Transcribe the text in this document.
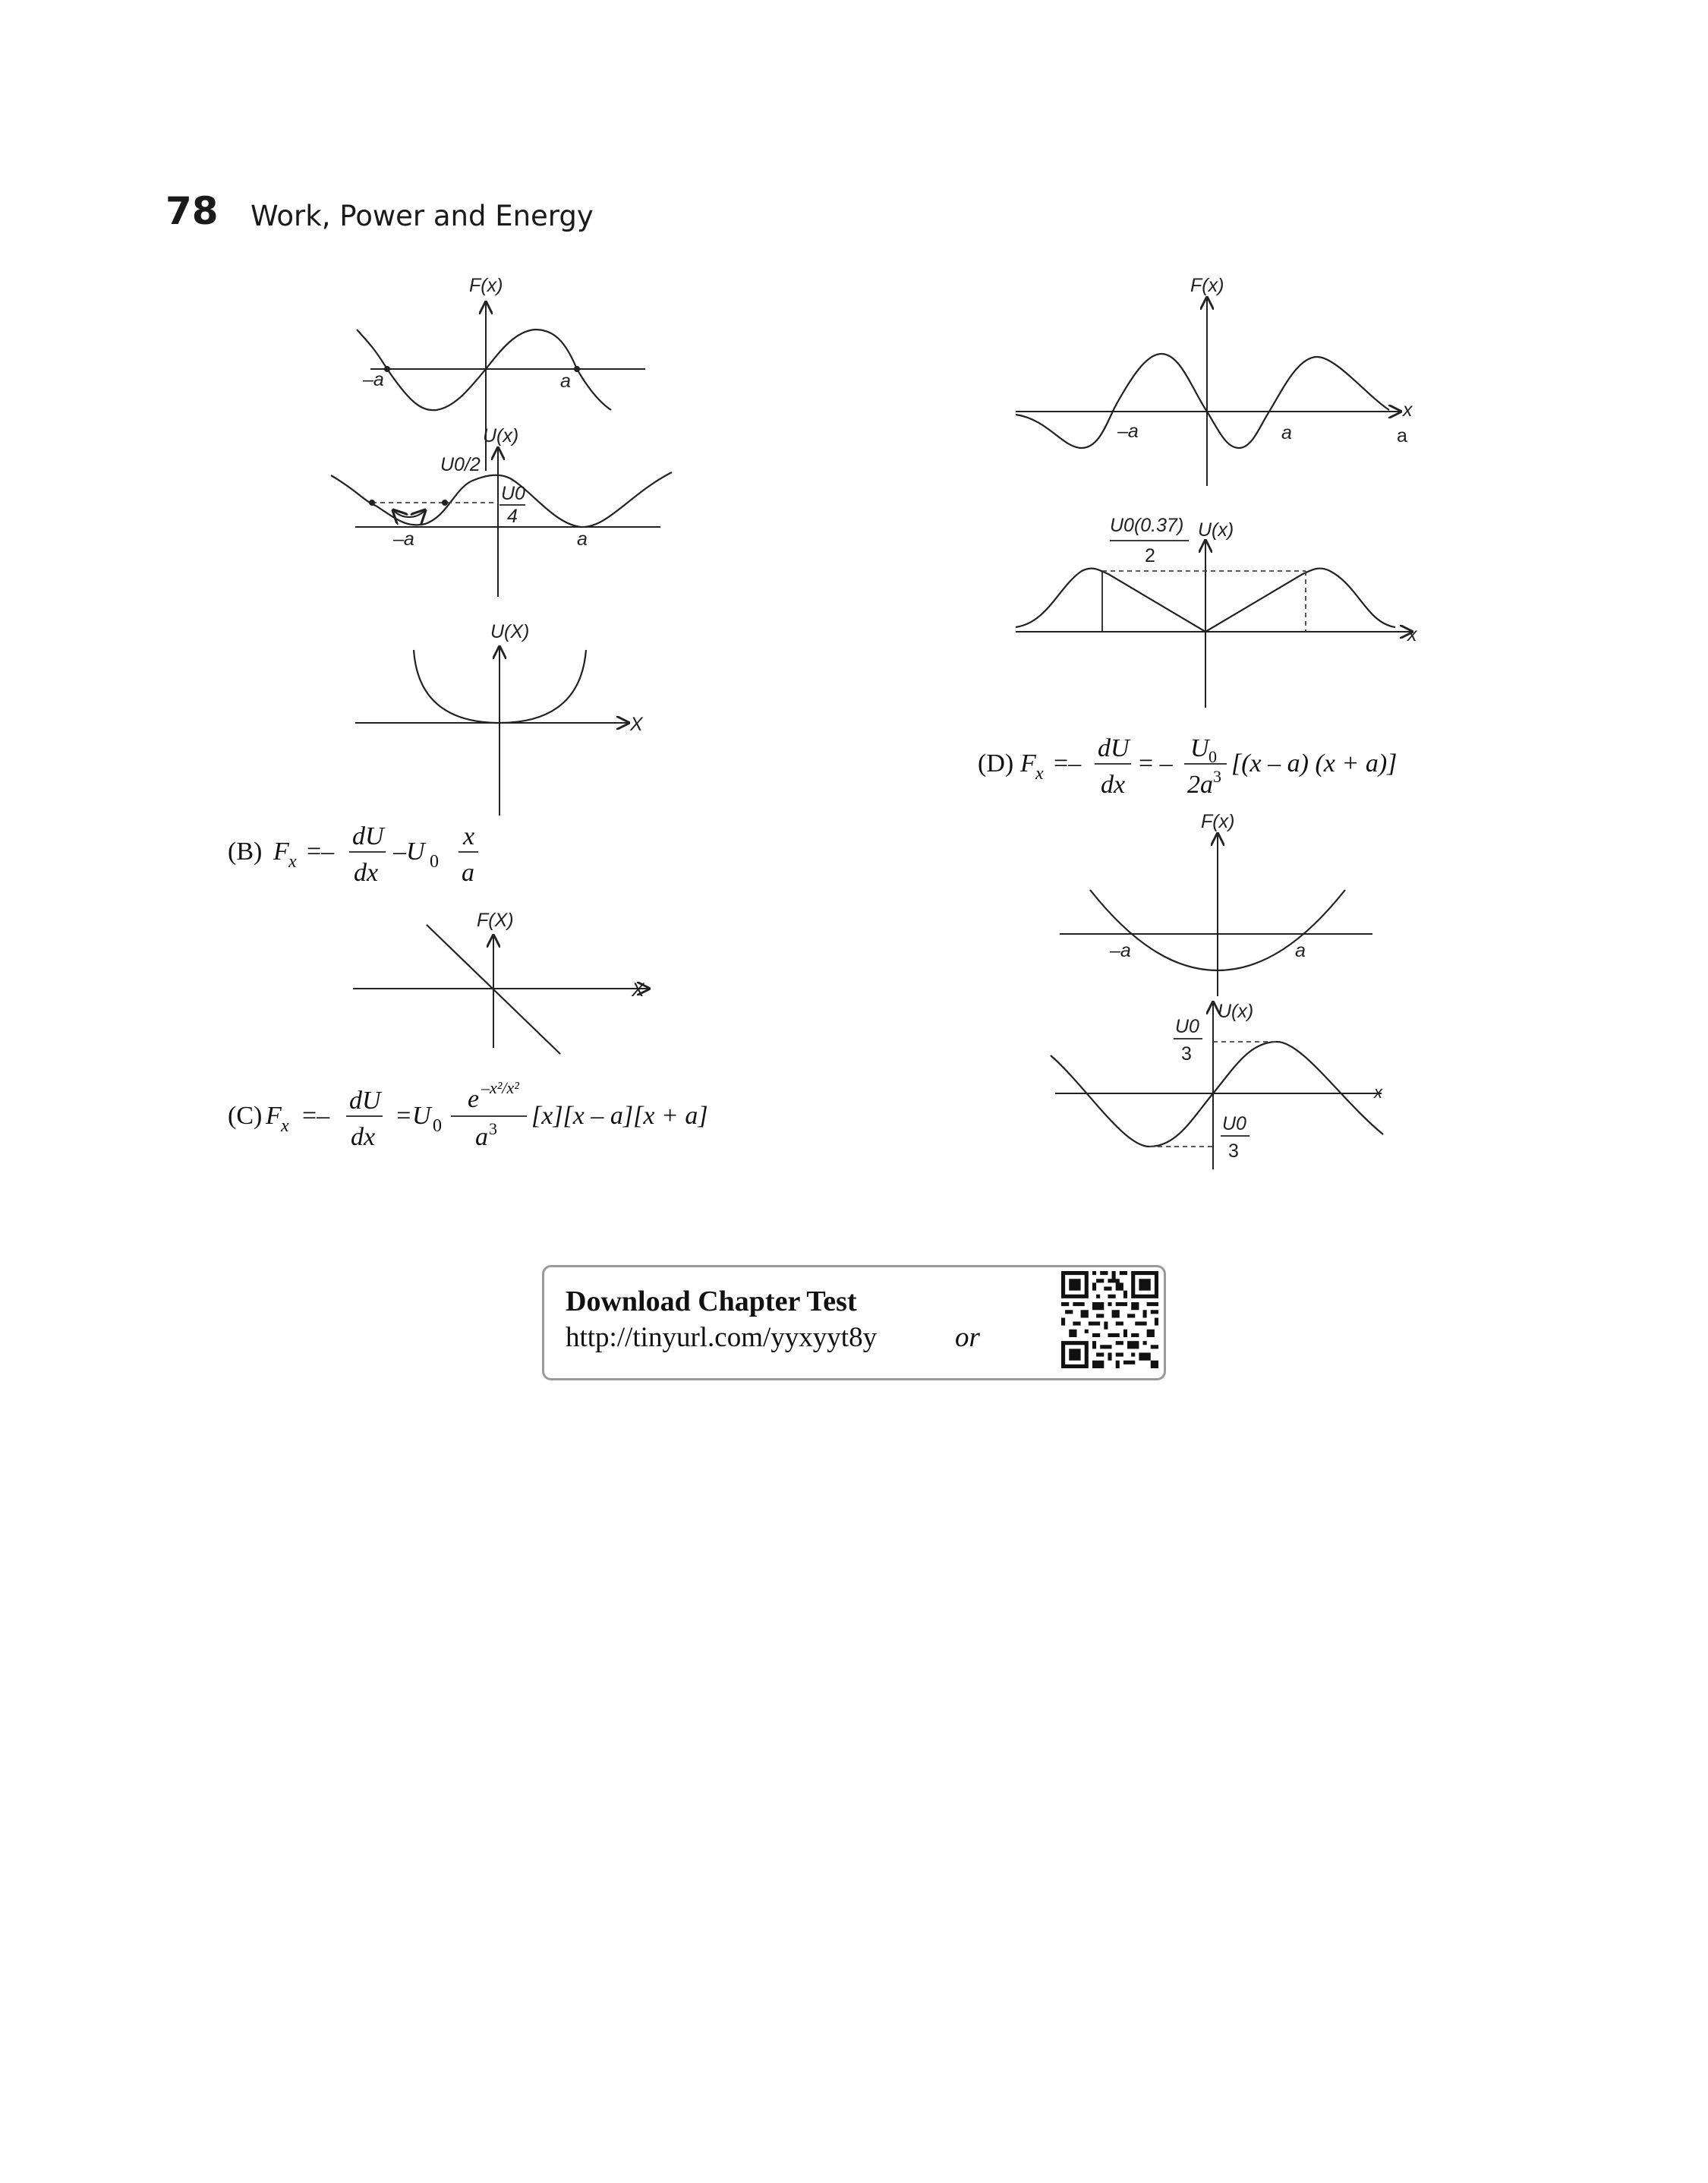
78 Work, Power and Energy
F(x)
–a	a
U(x)
U0/2
U0
4
–a	a
U(X)
X
(B) F x =–
dU
dx
–U 0
x
a
F(X)
X
(C) F x =–
dU
dx
=U 0
e –x²/x²
a 3 [x][x – a][x + a]
F(x)
x
–a	a	a
U0(0.37)
2
U(x)
x
(D) F x =–
dU
dx
= –
U 0
2a 3 [(x – a) (x + a)]
F(x)
–a	a
U(x)
x
U0
3
U0
3
Download Chapter Test
http://tinyurl.com/yyxyyt8y	or
